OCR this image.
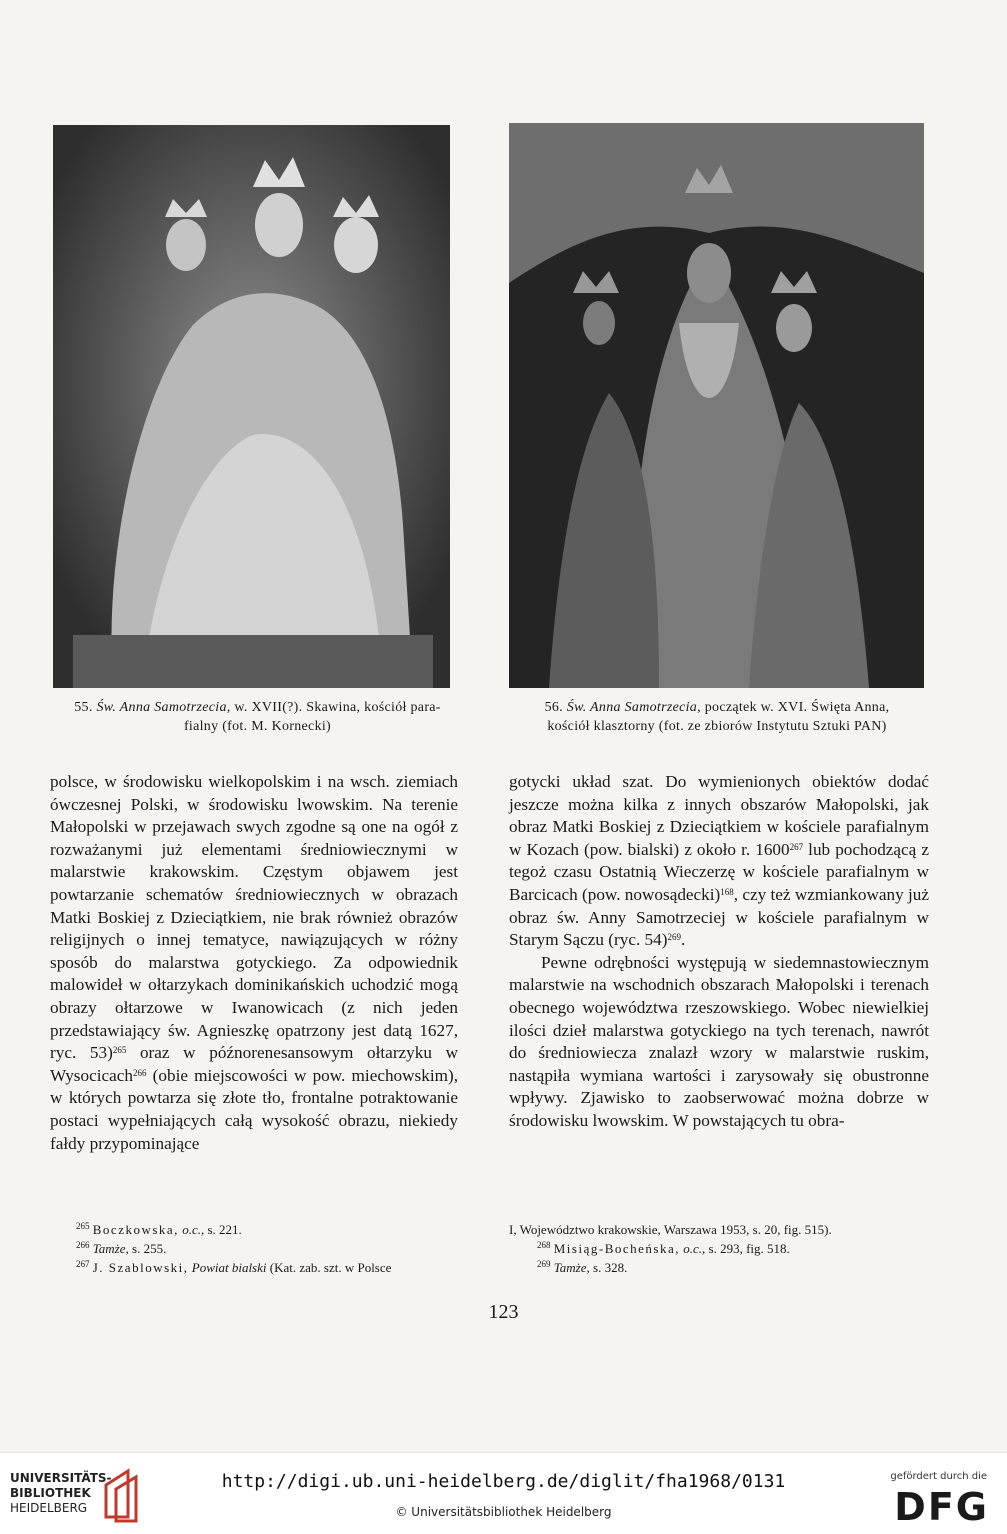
55. Św. Anna Samotrzecia, w. XVII(?). Skawina, kościół para-
fialny (fot. M. Kornecki)
56. Św. Anna Samotrzecia, początek w. XVI. Święta Anna,
kościół klasztorny (fot. ze zbiorów Instytutu Sztuki PAN)

polsce, w środowisku wielkopolskim i na wsch. ziemiach ówczesnej Polski, w środowisku lwowskim. Na terenie Małopolski w przejawach swych zgodne są one na ogół z rozważanymi już elementami średniowiecznymi w malarstwie krakowskim. Częstym objawem jest powtarzanie schematów średniowiecznych w obrazach Matki Boskiej z Dzieciątkiem, nie brak również obrazów religijnych o innej tematyce, nawiązujących w różny sposób do malarstwa gotyckiego. Za odpowiednik malowideł w ołtarzykach dominikańskich uchodzić mogą obrazy ołtarzowe w Iwanowicach (z nich jeden przedstawiający św. Agnieszkę opatrzony jest datą 1627, ryc. 53)$^{265}$ oraz w późnorenesansowym ołtarzyku w Wysocicach$^{266}$ (obie miejscowości w pow. miechowskim), w których powtarza się złote tło, frontalne potraktowanie postaci wypełniających całą wysokość obrazu, niekiedy fałdy przypominające

gotycki układ szat. Do wymienionych obiektów dodać jeszcze można kilka z innych obszarów Małopolski, jak obraz Matki Boskiej z Dzieciątkiem w kościele parafialnym w Kozach (pow. bialski) z około r. 1600$^{267}$ lub pochodzącą z tegoż czasu Ostatnią Wieczerzę w kościele parafialnym w Barcicach (pow. nowosądecki)$^{168}$, czy też wzmiankowany już obraz św. Anny Samotrzeciej w kościele parafialnym w Starym Sączu (ryc. 54)$^{269}$.

Pewne odrębności występują w siedemnastowiecznym malarstwie na wschodnich obszarach Małopolski i terenach obecnego województwa rzeszowskiego. Wobec niewielkiej ilości dzieł malarstwa gotyckiego na tych terenach, nawrót do średniowiecza znalazł wzory w malarstwie ruskim, nastąpiła wymiana wartości i zarysowały się obustronne wpływy. Zjawisko to zaobserwować można dobrze w środowisku lwowskim. W powstających tu obra-

$^{265}$ Boczkowska, o.c., s. 221.
$^{266}$ Tamże, s. 255.
$^{267}$ J. Szablowski, Powiat bialski (Kat. zab. szt. w Polsce
I, Województwo krakowskie, Warszawa 1953, s. 20, fig. 515).
$^{268}$ Misiąg-Bocheńska, o.c., s. 293, fig. 518.
$^{269}$ Tamże, s. 328.
123
UNIVERSITÄTS-
BIBLIOTHEK
HEIDELBERG
http://digi.ub.uni-heidelberg.de/diglit/fha1968/0131
© Universitätsbibliothek Heidelberg
gefördert durch die
DFG
